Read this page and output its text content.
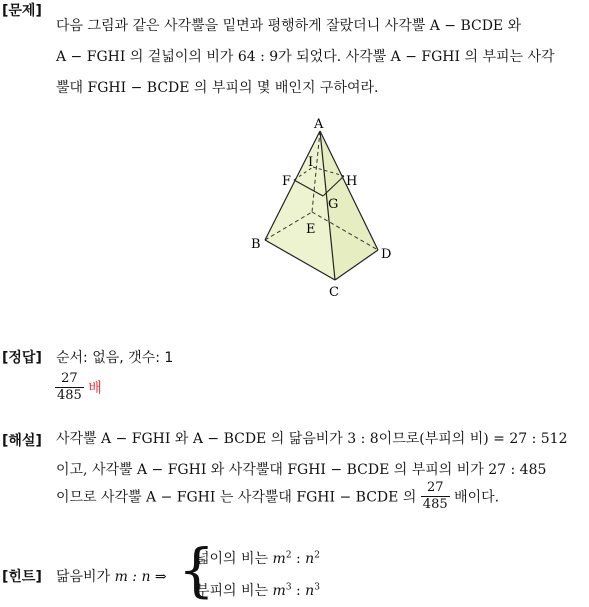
[문제]
다음 그림과 같은 사각뿔을 밑면과 평행하게 잘랐더니 사각뿔 A − BCDE 와
A − FGHI 의 겉넓이의 비가 64 : 9가 되었다. 사각뿔 A − FGHI 의 부피는 사각
뿔대 FGHI − BCDE 의 부피의 몇 배인지 구하여라.
A
B
C
D
E
F
G
H
I
[정답] 순서: 없음, 갯수: 1
$\frac{27}{485}$ 배
[해설] 사각뿔 A − FGHI 와 A − BCDE 의 닮음비가 3 : 8이므로(부피의 비) = 27 : 512
이고, 사각뿔 A − FGHI 와 사각뿔대 FGHI − BCDE 의 부피의 비가 27 : 485
이므로 사각뿔 A − FGHI 는 사각뿔대 FGHI − BCDE 의 $\frac{27}{485}$ 배이다.
[힌트] 닮음비가 m : n ⇒ {
넓이의 비는 $m^2$ : $n^2$
부피의 비는 $m^3$ : $n^3$
